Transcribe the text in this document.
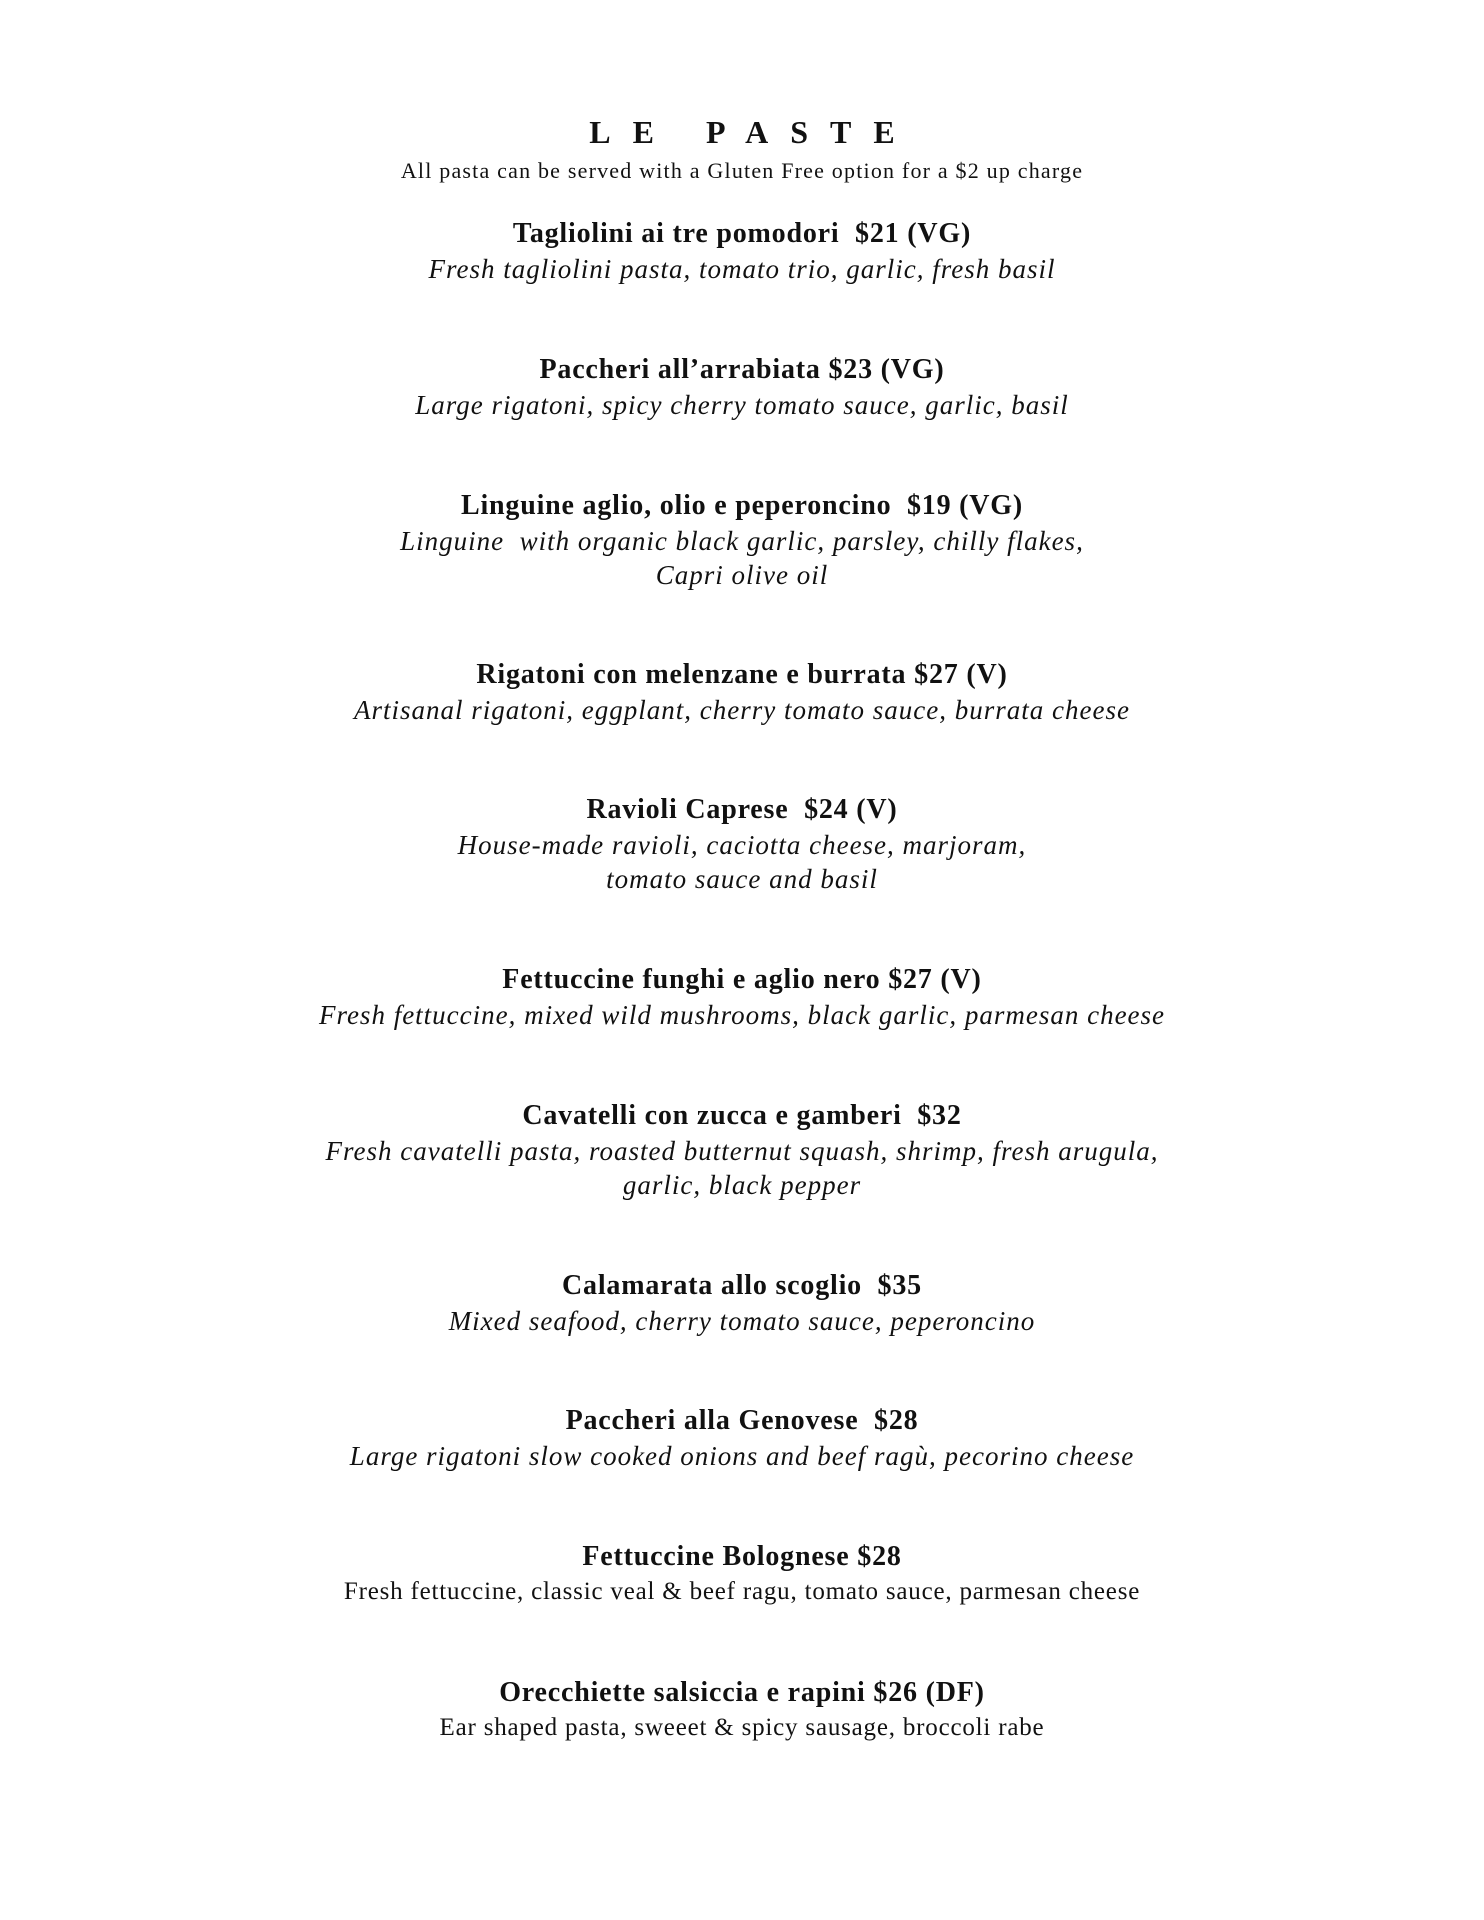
LE PASTE
All pasta can be served with a Gluten Free option for a $2 up charge

Tagliolini ai tre pomodori  $21 (VG)

Fresh tagliolini pasta, tomato trio, garlic, fresh basil

Paccheri all’arrabiata $23 (VG)

Large rigatoni, spicy cherry tomato sauce, garlic, basil

Linguine aglio, olio e peperoncino  $19 (VG)

Linguine  with organic black garlic, parsley, chilly flakes,

Capri olive oil

Rigatoni con melenzane e burrata $27 (V)

Artisanal rigatoni, eggplant, cherry tomato sauce, burrata cheese

Ravioli Caprese  $24 (V)

House-made ravioli, caciotta cheese, marjoram,

tomato sauce and basil

Fettuccine funghi e aglio nero $27 (V)

Fresh fettuccine, mixed wild mushrooms, black garlic, parmesan cheese

Cavatelli con zucca e gamberi  $32

Fresh cavatelli pasta, roasted butternut squash, shrimp, fresh arugula,

garlic, black pepper

Calamarata allo scoglio  $35

Mixed seafood, cherry tomato sauce, peperoncino

Paccheri alla Genovese  $28

Large rigatoni slow cooked onions and beef ragù, pecorino cheese

Fettuccine Bolognese $28

Fresh fettuccine, classic veal & beef ragu, tomato sauce, parmesan cheese

Orecchiette salsiccia e rapini $26 (DF)

Ear shaped pasta, sweeet & spicy sausage, broccoli rabe
